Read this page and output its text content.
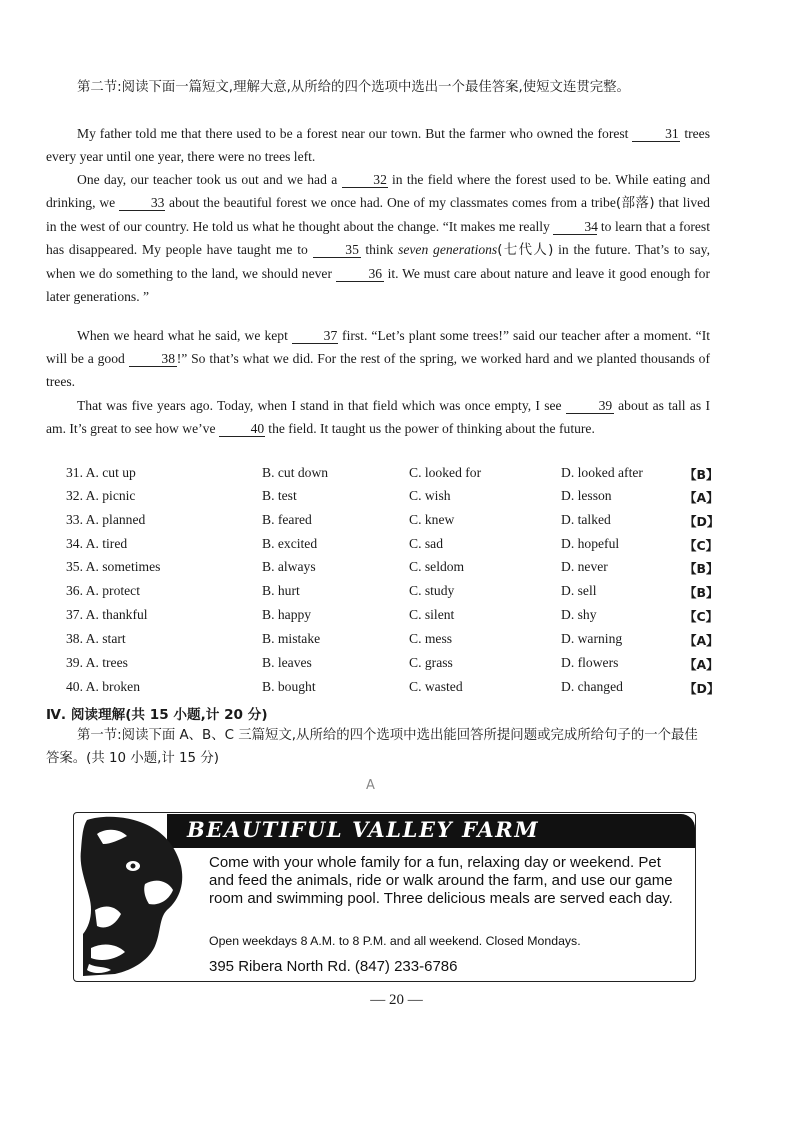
第二节:阅读下面一篇短文,理解大意,从所给的四个选项中选出一个最佳答案,使短文连贯完整。
My father told me that there used to be a forest near our town. But the farmer who owned the forest	31 trees every year until one year, there were no trees left.
One day, our teacher took us out and we had a	32 in the field where the forest used to be. While eating and drinking, we	33 about the beautiful forest we once had. One of my classmates comes from a tribe(部落) that lived in the west of our country. He told us what he thought about the change. “It makes me really	34 to learn that a forest has disappeared. My people have taught me to	35 think seven generations(七代人) in the future. That’s to say, when we do something to the land, we should never	36 it. We must care about nature and leave it good enough for later generations. ”
When we heard what he said, we kept	37 first. “Let’s plant some trees!” said our teacher after a moment. “It will be a good	38 !” So that’s what we did. For the rest of the spring, we worked hard and we planted thousands of trees.
That was five years ago. Today, when I stand in that field which was once empty, I see	39 about as tall as I am. It’s great to see how we’ve	40 the field. It taught us the power of thinking about the future.
31. A. cut up	B. cut down	C. looked for	D. looked after	【B】
32. A. picnic	B. test	C. wish	D. lesson	【A】
33. A. planned	B. feared	C. knew	D. talked	【D】
34. A. tired	B. excited	C. sad	D. hopeful	【C】
35. A. sometimes	B. always	C. seldom	D. never	【B】
36. A. protect	B. hurt	C. study	D. sell	【B】
37. A. thankful	B. happy	C. silent	D. shy	【C】
38. A. start	B. mistake	C. mess	D. warning	【A】
39. A. trees	B. leaves	C. grass	D. flowers	【A】
40. A. broken	B. bought	C. wasted	D. changed	【D】
Ⅳ. 阅读理解(共 15 小题,计 20 分)
第一节:阅读下面 A、B、C 三篇短文,从所给的四个选项中选出能回答所提问题或完成所给句子的一个最佳答案。(共 10 小题,计 15 分)
A
BEAUTIFUL VALLEY FARM
Come with your whole family for a fun, relaxing day or weekend. Pet and feed the animals, ride or walk around the farm, and use our game room and swimming pool. Three delicious meals are served each day.
Open weekdays 8 A.M. to 8 P.M. and all weekend. Closed Mondays.
395 Ribera North Rd. (847) 233-6786
— 20 —
